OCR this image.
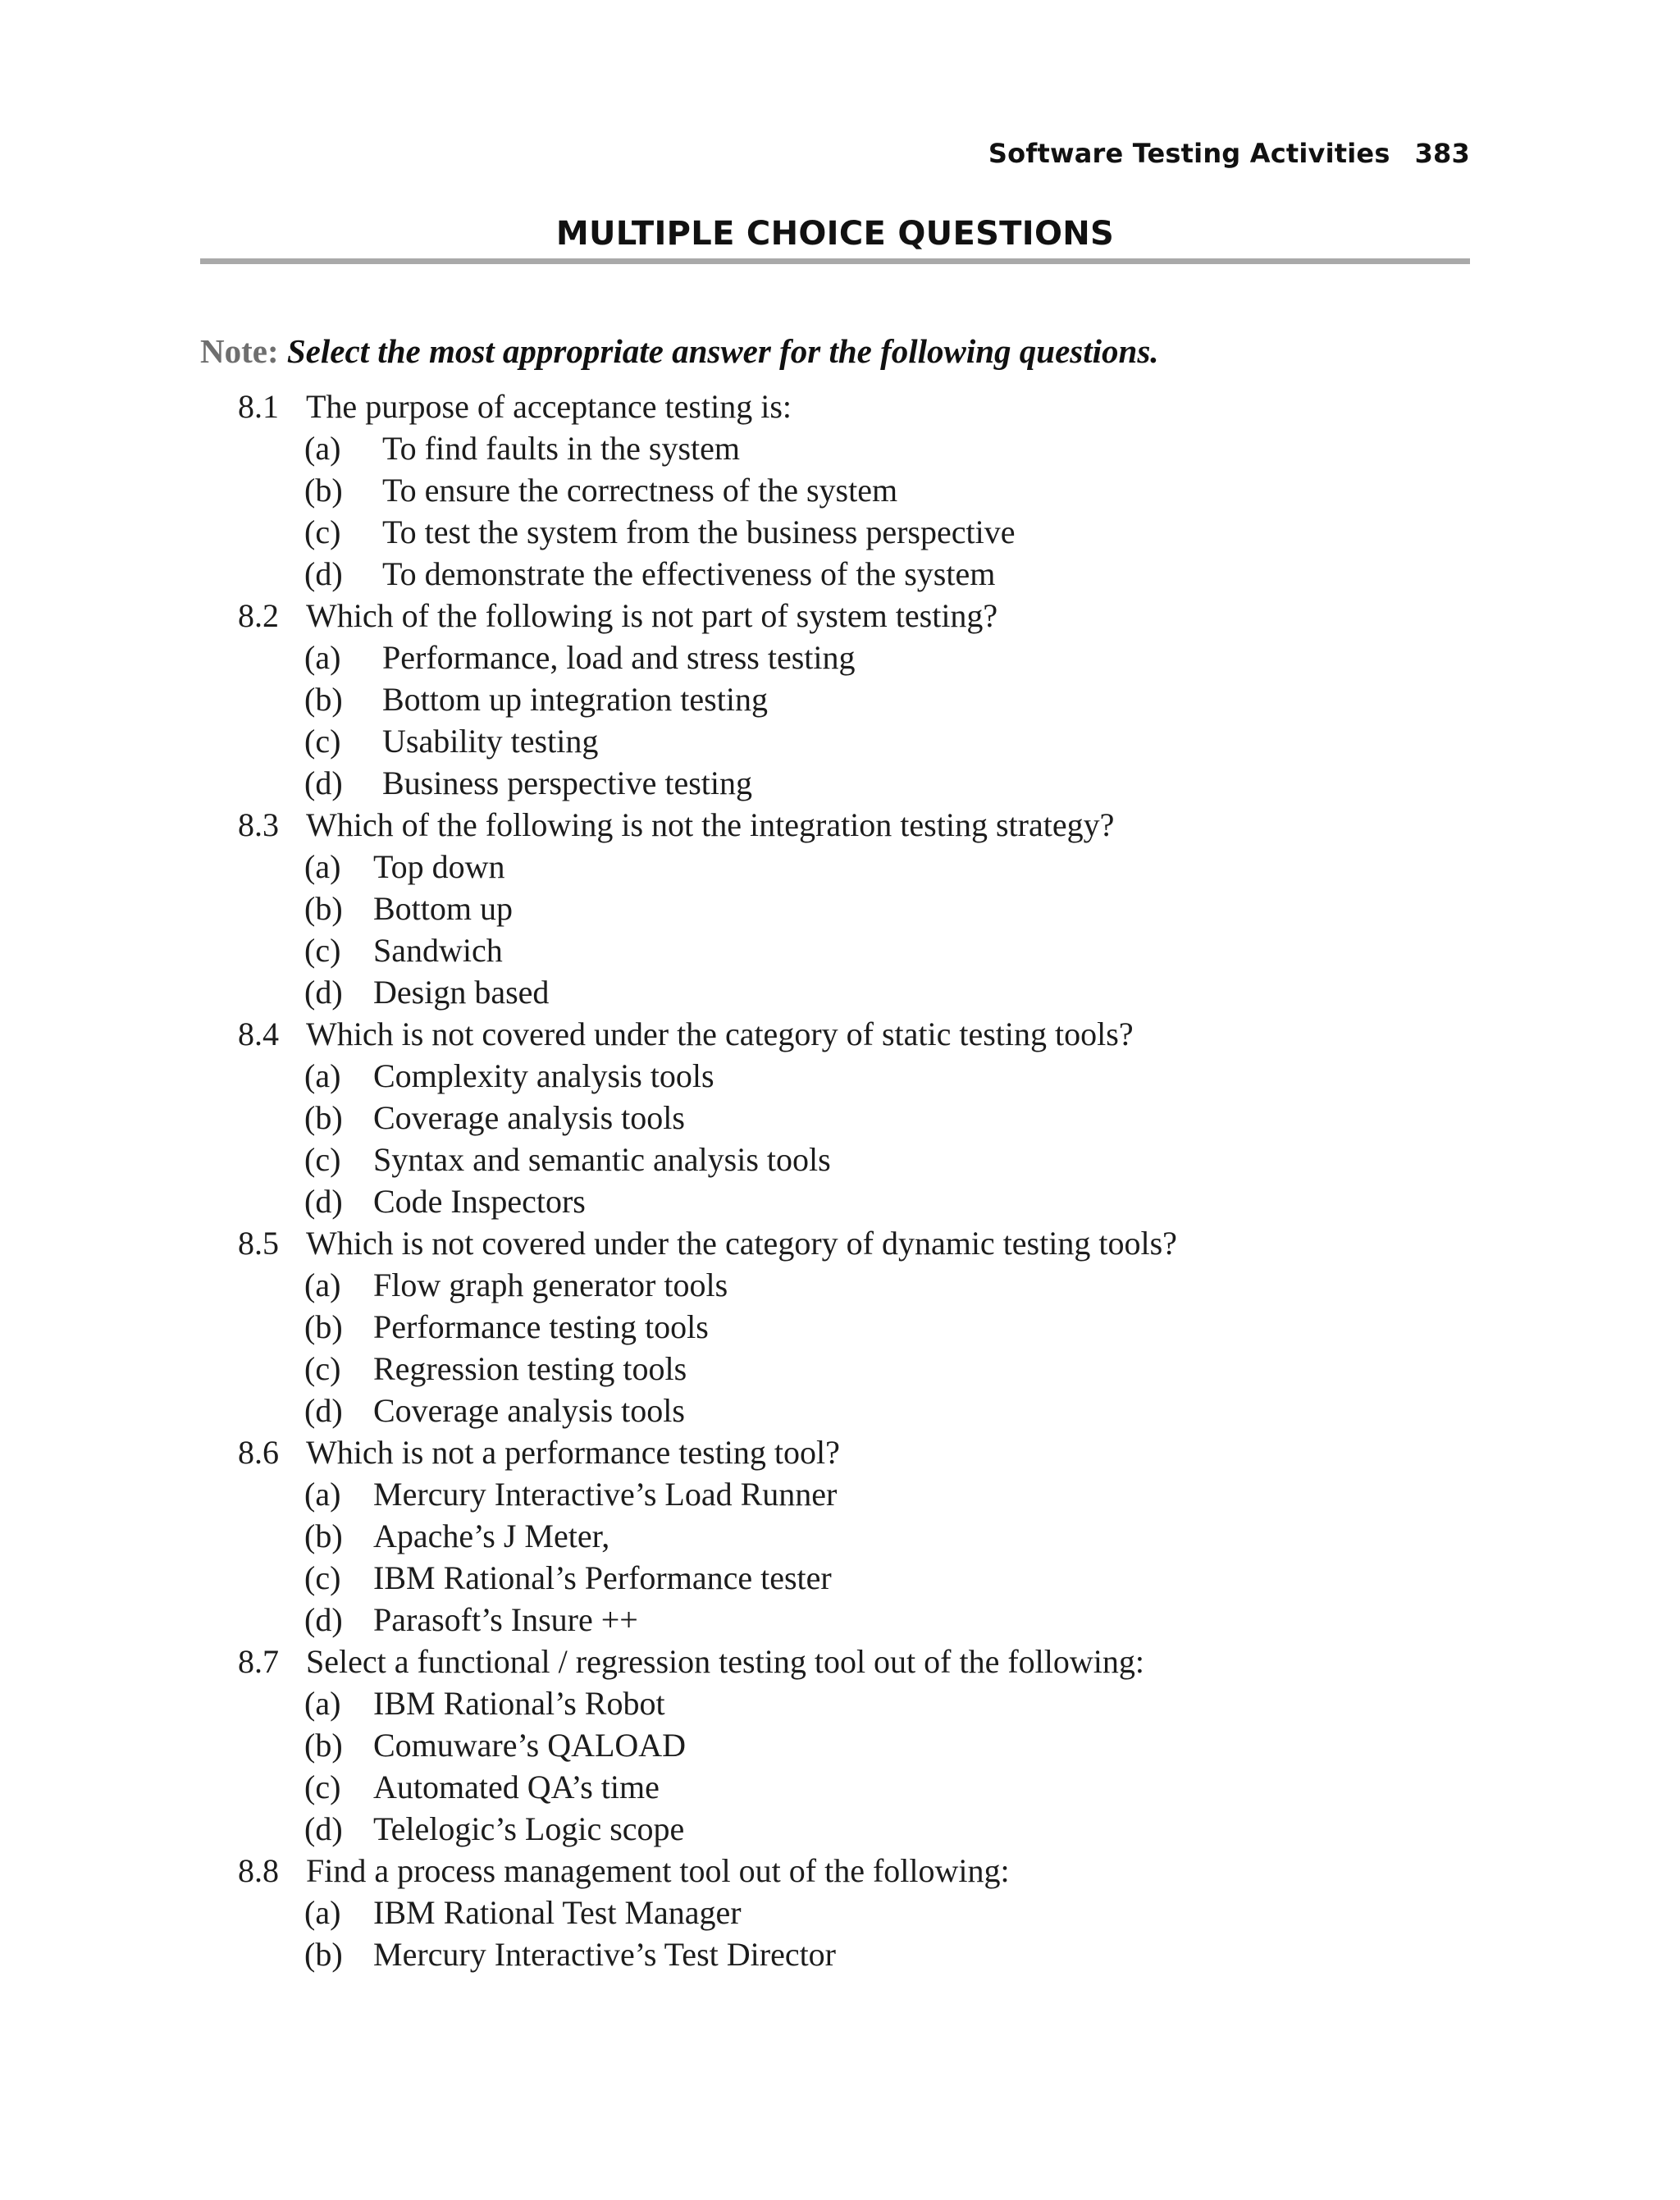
Software Testing Activities 383
MULTIPLE CHOICE QUESTIONS
Note: Select the most appropriate answer for the following questions.
8.1 The purpose of acceptance testing is:
(a) To find faults in the system
(b) To ensure the correctness of the system
(c) To test the system from the business perspective
(d) To demonstrate the effectiveness of the system
8.2 Which of the following is not part of system testing?
(a) Performance, load and stress testing
(b) Bottom up integration testing
(c) Usability testing
(d) Business perspective testing
8.3 Which of the following is not the integration testing strategy?
(a) Top down
(b) Bottom up
(c) Sandwich
(d) Design based
8.4 Which is not covered under the category of static testing tools?
(a) Complexity analysis tools
(b) Coverage analysis tools
(c) Syntax and semantic analysis tools
(d) Code Inspectors
8.5 Which is not covered under the category of dynamic testing tools?
(a) Flow graph generator tools
(b) Performance testing tools
(c) Regression testing tools
(d) Coverage analysis tools
8.6 Which is not a performance testing tool?
(a) Mercury Interactive’s Load Runner
(b) Apache’s J Meter,
(c) IBM Rational’s Performance tester
(d) Parasoft’s Insure ++
8.7 Select a functional / regression testing tool out of the following:
(a) IBM Rational’s Robot
(b) Comuware’s QALOAD
(c) Automated QA’s time
(d) Telelogic’s Logic scope
8.8 Find a process management tool out of the following:
(a) IBM Rational Test Manager
(b) Mercury Interactive’s Test Director
